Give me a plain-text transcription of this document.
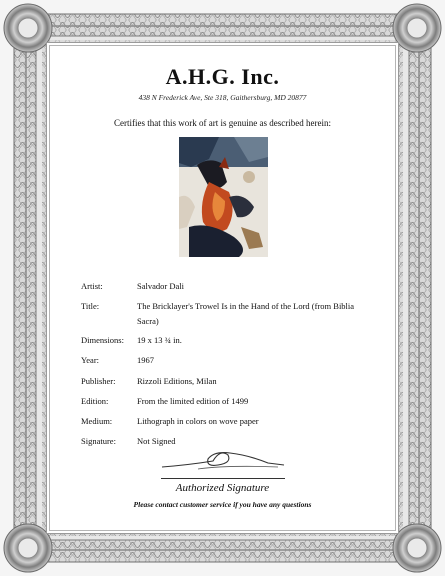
A.H.G. Inc.
438 N Frederick Ave, Ste 318, Gaithersburg, MD 20877
Certifies that this work of art is genuine as described herein:
Artist:	Salvador Dali
Title:	The Bricklayer's Trowel Is in the Hand of the Lord (from Biblia Sacra)
Dimensions:	19 x 13 ¾ in.
Year:	1967
Publisher:	Rizzoli Editions, Milan
Edition:	From the limited edition of 1499
Medium:	Lithograph in colors on wove paper
Signature:	Not Signed
Authorized Signature
Please contact customer service if you have any questions
